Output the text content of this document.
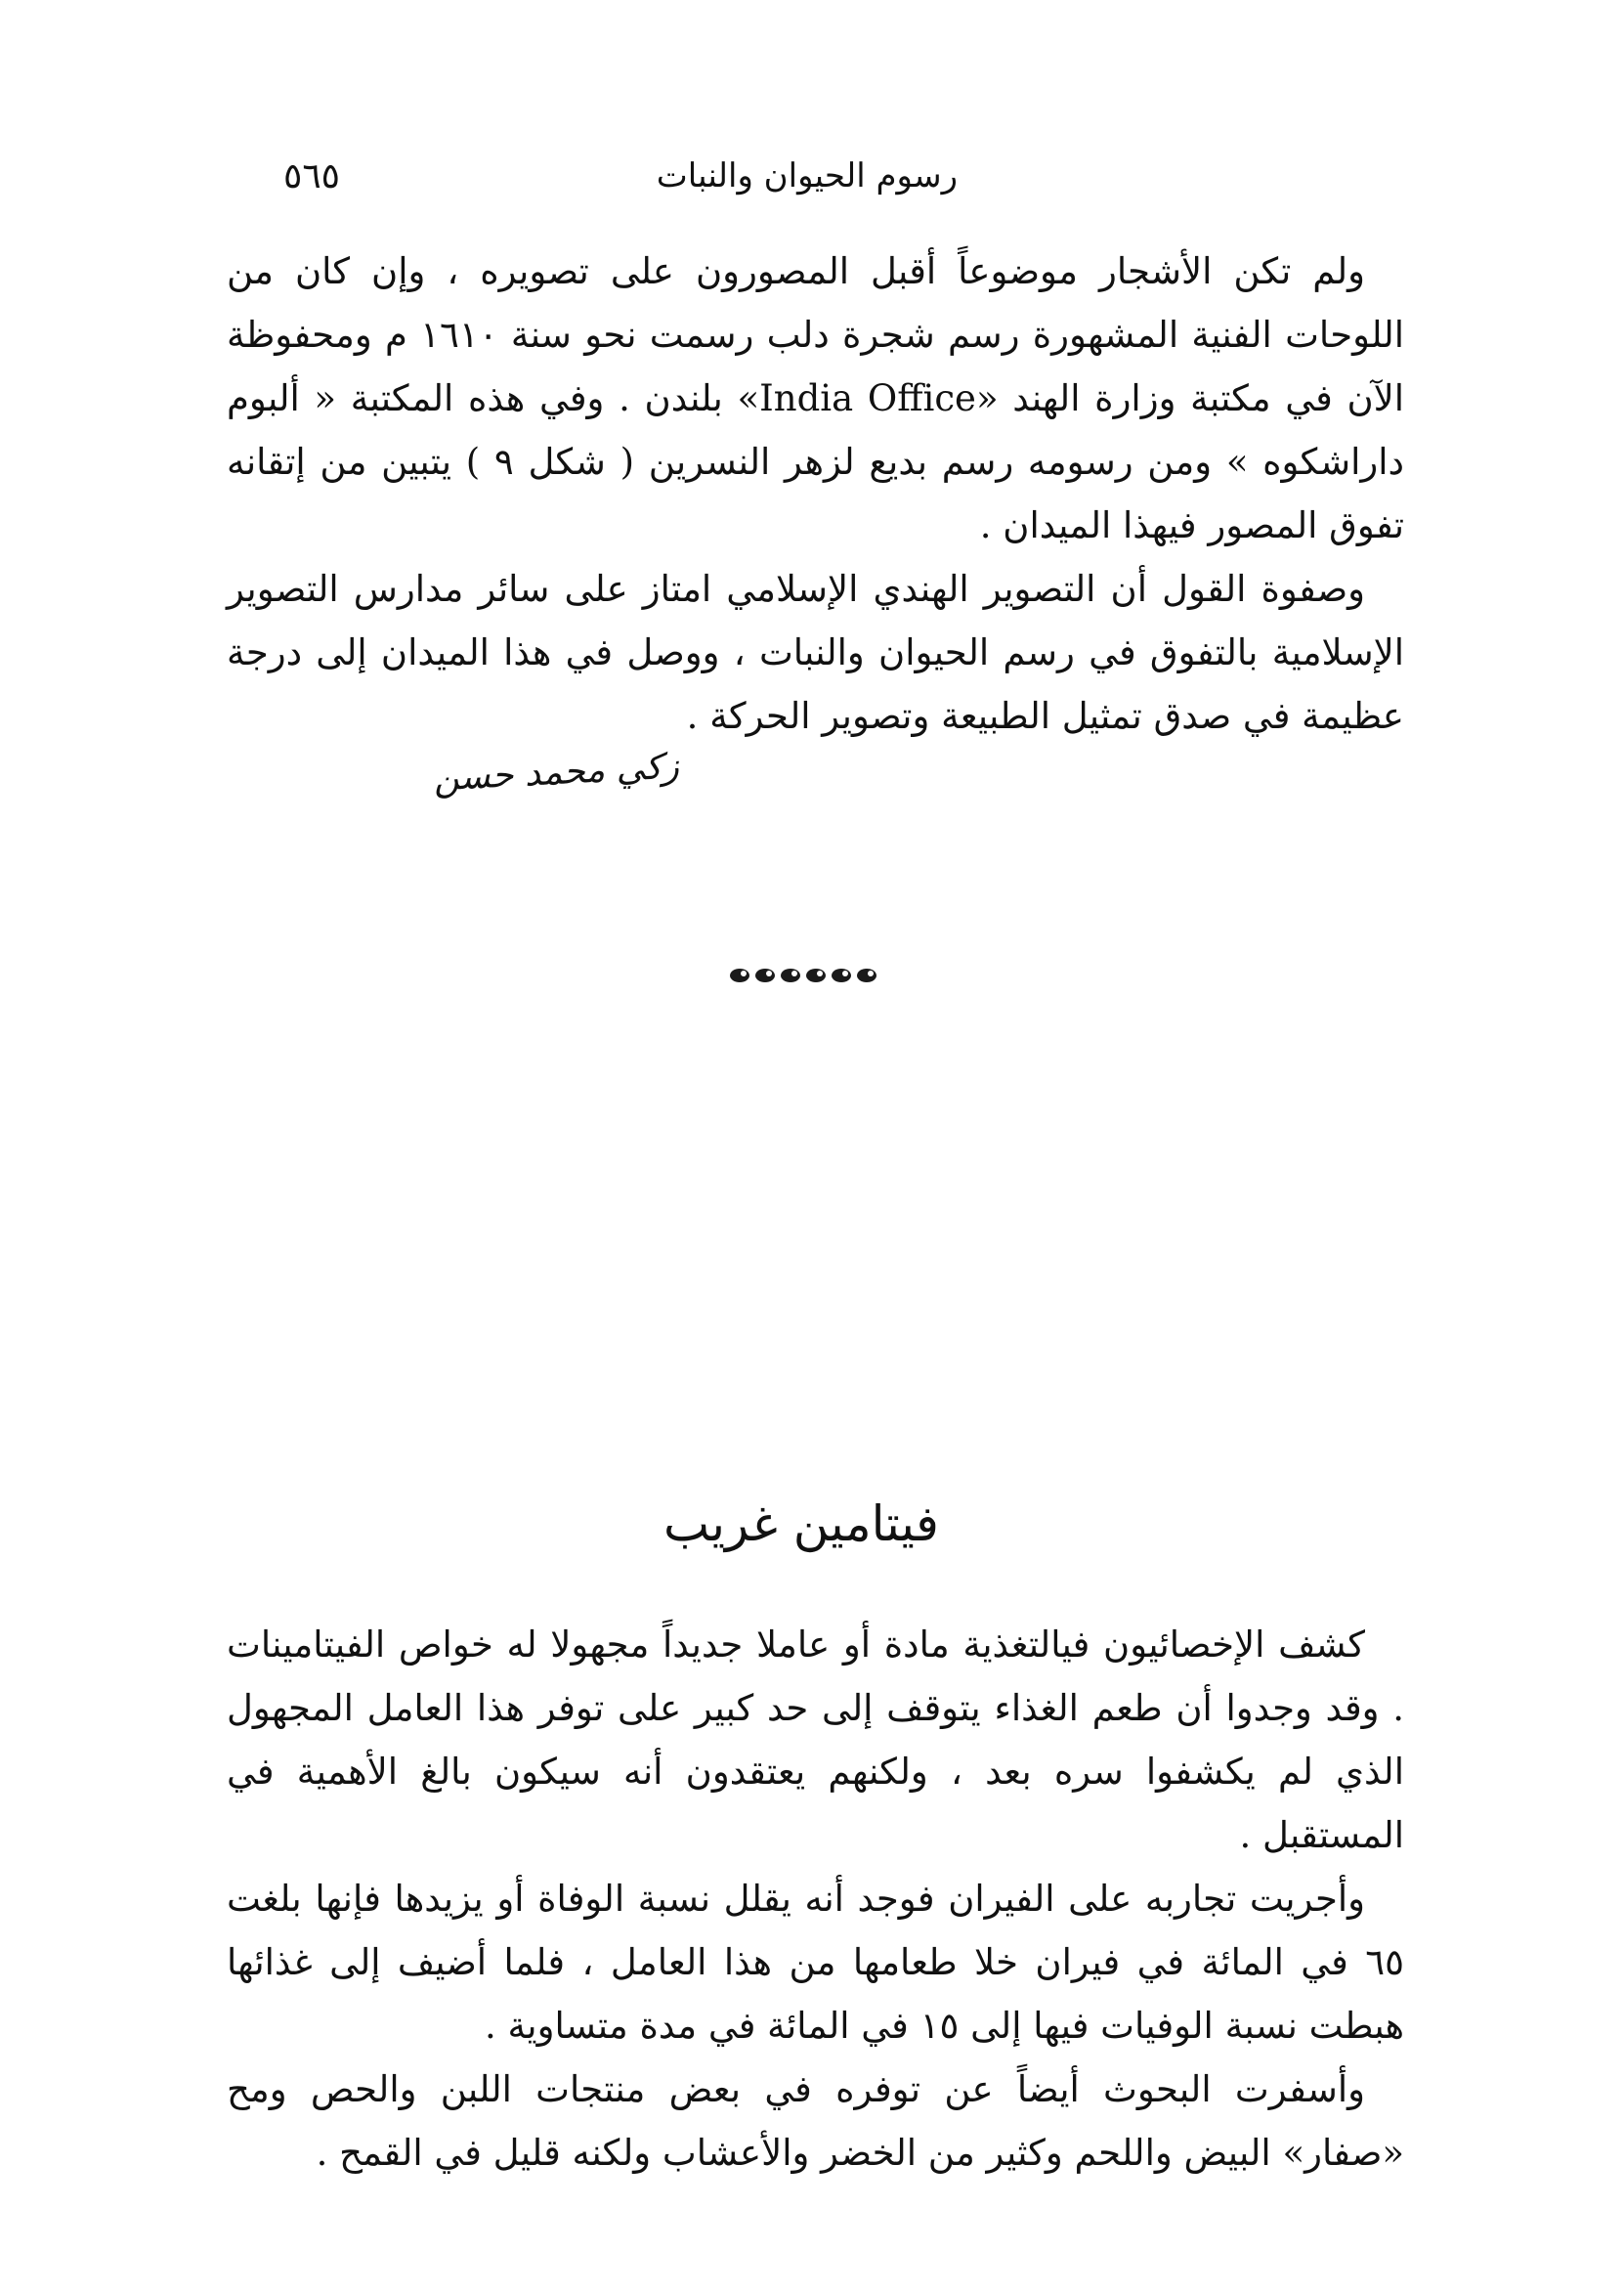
رسوم الحيوان والنبات
٥٦٥

ولم تكن الأشجار موضوعاً أقبل المصورون على تصويره ، وإن كان من اللوحات الفنية المشهورة رسم شجرة دلب رسمت نحو سنة ١٦١٠ م ومحفوظة الآن في مكتبة وزارة الهند «India Office» بلندن . وفي هذه المكتبة « ألبوم داراشكوه » ومن رسومه رسم بديع لزهر النسرين ( شكل ٩ ) يتبين من إتقانه تفوق المصور فيهذا الميدان .

وصفوة القول أن التصوير الهندي الإسلامي امتاز على سائر مدارس التصوير الإسلامية بالتفوق في رسم الحيوان والنبات ، ووصل في هذا الميدان إلى درجة عظيمة في صدق تمثيل الطبيعة وتصوير الحركة .

زكي محمد حسن
فيتامين غريب

كشف الإخصائيون فيالتغذية مادة أو عاملا جديداً مجهولا له خواص الفيتامينات . وقد وجدوا أن طعم الغذاء يتوقف إلى حد كبير على توفر هذا العامل المجهول الذي لم يكشفوا سره بعد ، ولكنهم يعتقدون أنه سيكون بالغ الأهمية في المستقبل .

وأجريت تجاربه على الفيران فوجد أنه يقلل نسبة الوفاة أو يزيدها فإنها بلغت ٦٥ في المائة في فيران خلا طعامها من هذا العامل ، فلما أضيف إلى غذائها هبطت نسبة الوفيات فيها إلى ١٥ في المائة في مدة متساوية .

وأسفرت البحوث أيضاً عن توفره في بعض منتجات اللبن والحص ومح «صفار» البيض واللحم وكثير من الخضر والأعشاب ولكنه قليل في القمح .
